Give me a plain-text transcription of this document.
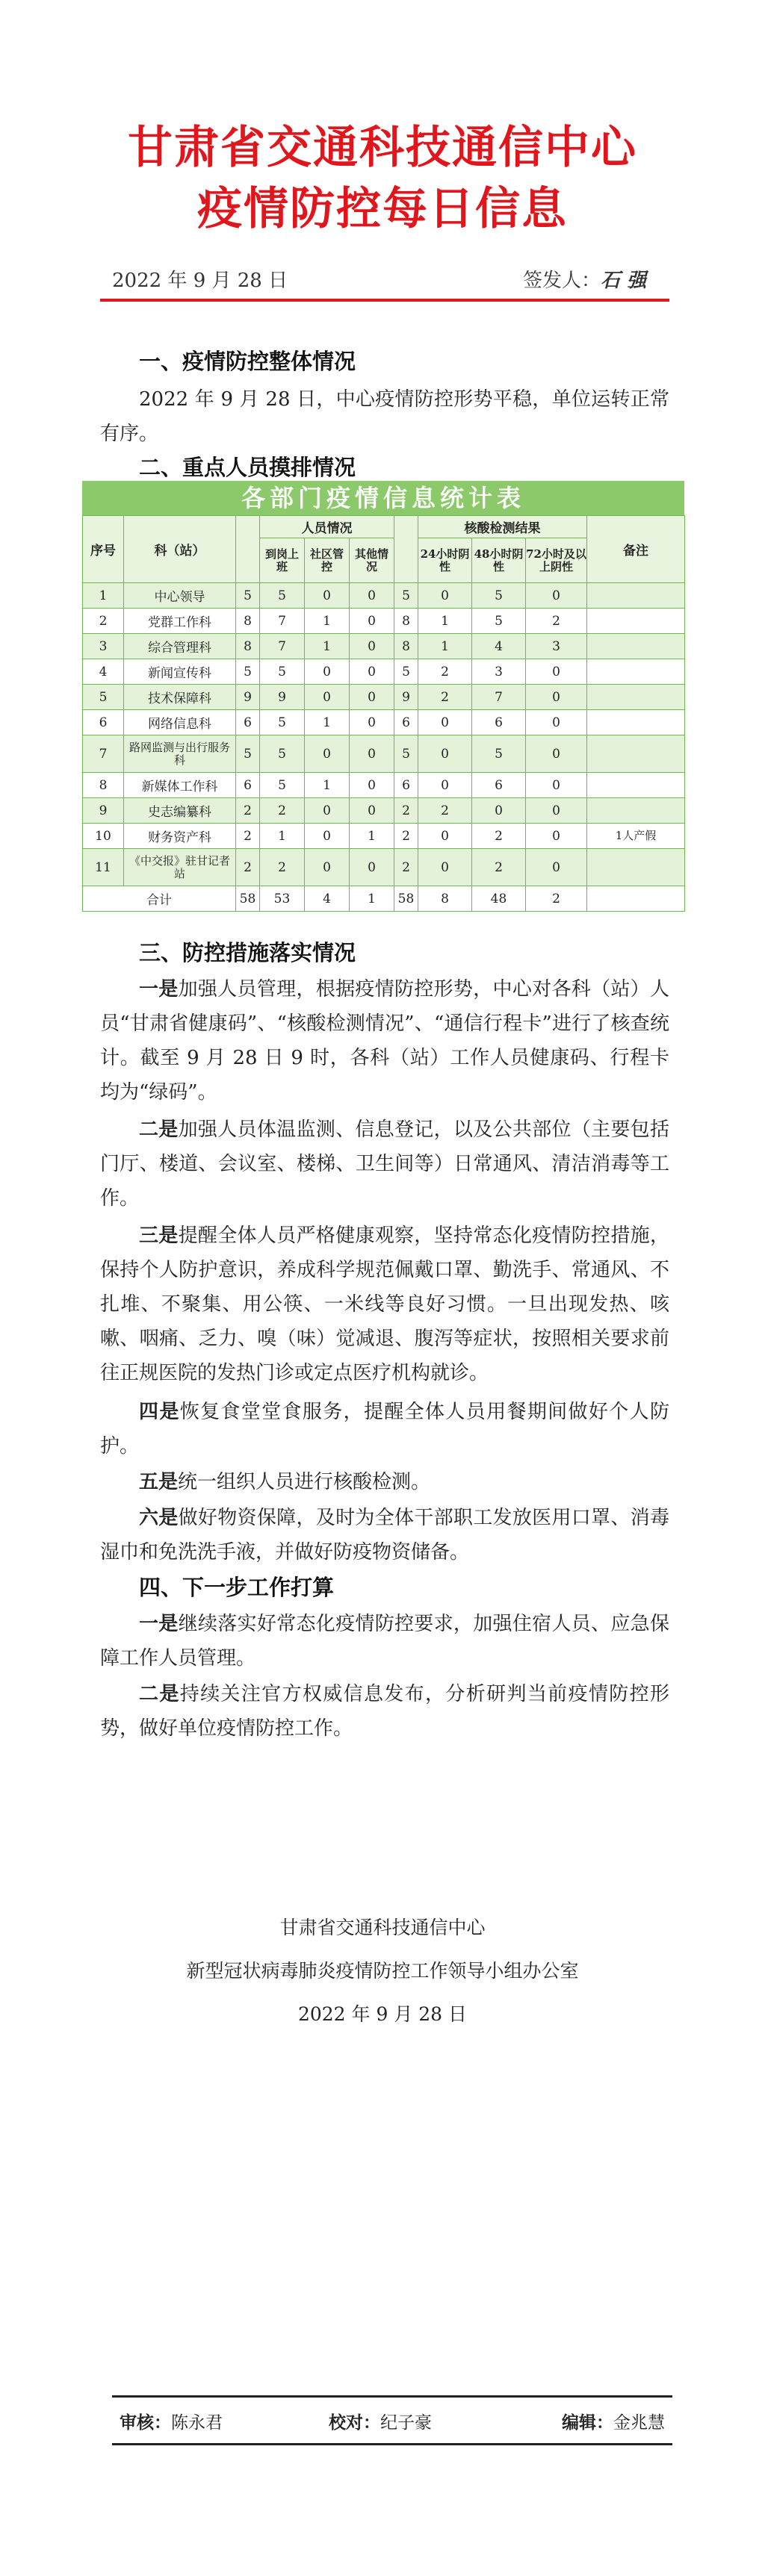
甘肃省交通科技通信中心
疫情防控每日信息
2022 年 9 月 28 日	签发人：石 强
一、疫情防控整体情况
2022 年 9 月 28 日，中心疫情防控形势平稳，单位运转正常有序。
二、重点人员摸排情况
各部门疫情信息统计表
序号	科（站）		人员情况				核酸检测结果			备注
			到岗上班	社区管控	其他情况		24小时阴性	48小时阴性	72小时及以上阴性	
1	中心领导	5	5	0	0	5	0	5	0	
2	党群工作科	8	7	1	0	8	1	5	2	
3	综合管理科	8	7	1	0	8	1	4	3	
4	新闻宣传科	5	5	0	0	5	2	3	0	
5	技术保障科	9	9	0	0	9	2	7	0	
6	网络信息科	6	5	1	0	6	0	6	0	
7	路网监测与出行服务科	5	5	0	0	5	0	5	0	
8	新媒体工作科	6	5	1	0	6	0	6	0	
9	史志编纂科	2	2	0	0	2	2	0	0	
10	财务资产科	2	1	0	1	2	0	2	0	1人产假
11	《中交报》驻甘记者站	2	2	0	0	2	0	2	0	
合计		58	53	4	1	58	8	48	2	
三、防控措施落实情况
一是加强人员管理，根据疫情防控形势，中心对各科（站）人员“甘肃省健康码”、“核酸检测情况”、“通信行程卡”进行了核查统计。截至 9 月 28 日 9 时，各科（站）工作人员健康码、行程卡均为“绿码”。
二是加强人员体温监测、信息登记，以及公共部位（主要包括门厅、楼道、会议室、楼梯、卫生间等）日常通风、清洁消毒等工作。
三是提醒全体人员严格健康观察，坚持常态化疫情防控措施，保持个人防护意识，养成科学规范佩戴口罩、勤洗手、常通风、不扎堆、不聚集、用公筷、一米线等良好习惯。一旦出现发热、咳嗽、咽痛、乏力、嗅（味）觉减退、腹泻等症状，按照相关要求前往正规医院的发热门诊或定点医疗机构就诊。
四是恢复食堂堂食服务，提醒全体人员用餐期间做好个人防护。
五是统一组织人员进行核酸检测。
六是做好物资保障，及时为全体干部职工发放医用口罩、消毒湿巾和免洗洗手液，并做好防疫物资储备。
四、下一步工作打算
一是继续落实好常态化疫情防控要求，加强住宿人员、应急保障工作人员管理。
二是持续关注官方权威信息发布，分析研判当前疫情防控形势，做好单位疫情防控工作。
甘肃省交通科技通信中心
新型冠状病毒肺炎疫情防控工作领导小组办公室
2022 年 9 月 28 日
审核：陈永君	校对：纪子豪	编辑：金兆慧
